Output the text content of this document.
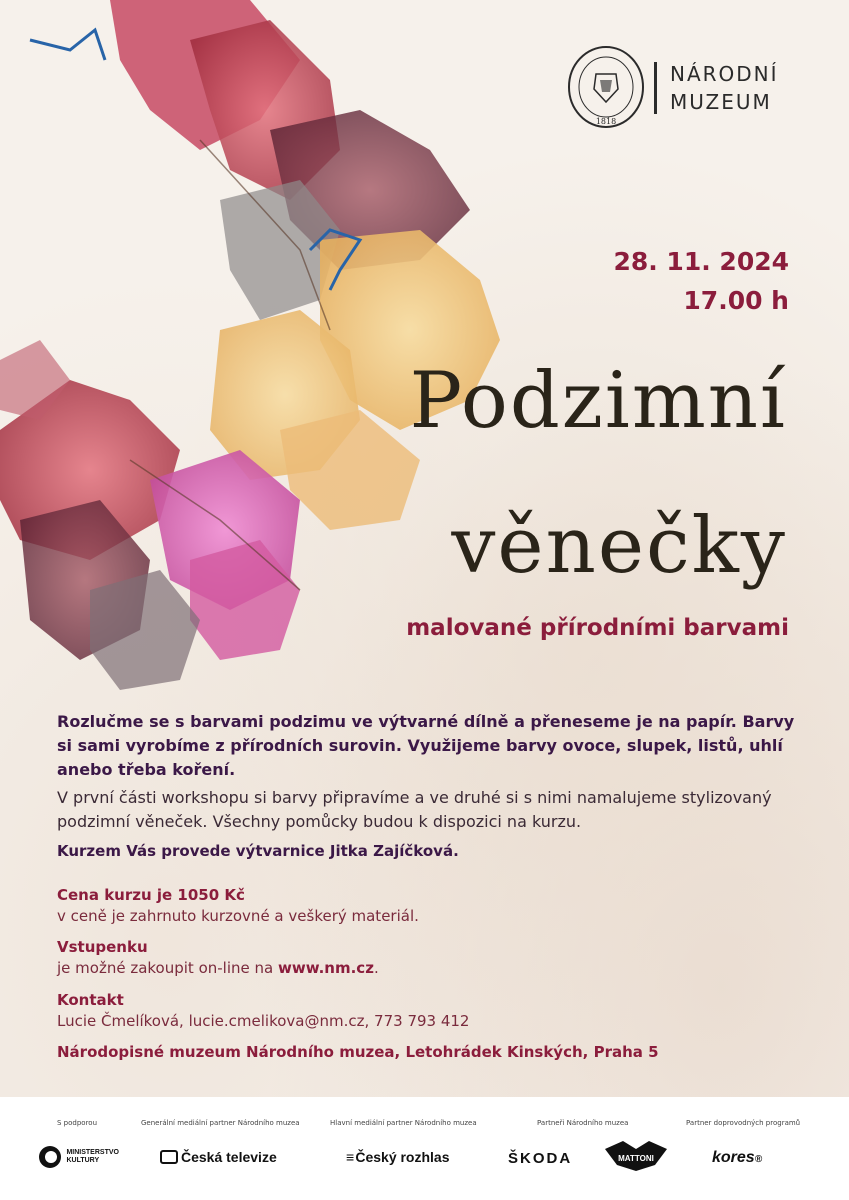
1818
NÁRODNÍ
MUZEUM
28. 11. 2024
17.00 h
Podzimní
věnečky
malované přírodními barvami
Rozlučme se s barvami podzimu ve výtvarné dílně a přeneseme je na papír. Barvy si sami vyrobíme z přírodních surovin. Využijeme barvy ovoce, slupek, listů, uhlí anebo třeba koření.
V první části workshopu si barvy připravíme a ve druhé si s nimi namalujeme stylizovaný podzimní věneček. Všechny pomůcky budou k dispozici na kurzu.
Kurzem Vás provede výtvarnice Jitka Zajíčková.
Cena kurzu je 1050 Kč
v ceně je zahrnuto kurzovné a veškerý materiál.
Vstupenku
je možné zakoupit on-line na www.nm.cz.
Kontakt
Lucie Čmelíková, lucie.cmelikova@nm.cz, 773 793 412
Národopisné muzeum Národního muzea, Letohrádek Kinských, Praha 5
S podporou	Generální mediální partner Národního muzea	Hlavní mediální partner Národního muzea	Partneři Národního muzea	Partner doprovodných programů
MINISTERSTVO
KULTURY	Česká televize	≡ Český rozhlas	ŠKODA	MATTONI	kores®
